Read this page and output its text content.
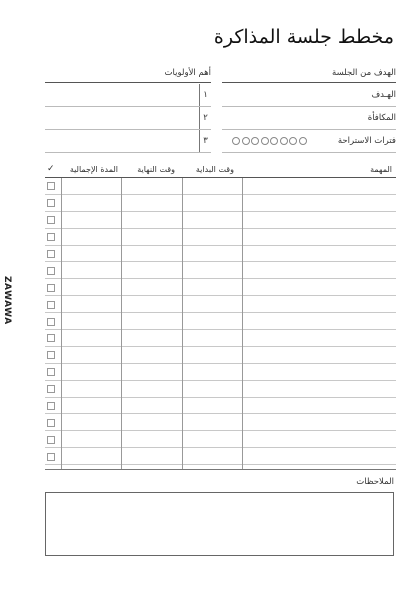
مخطط جلسة المذاكرة
الهدف من الجلسة
أهم الأولويات
الهـدف
المكافأة
فترات الاستراحة
١
٢
٣
المهمة
وقت البداية
وقت النهاية
المدة الإجمالية
✓
الملاحظات
ZAWAWA
